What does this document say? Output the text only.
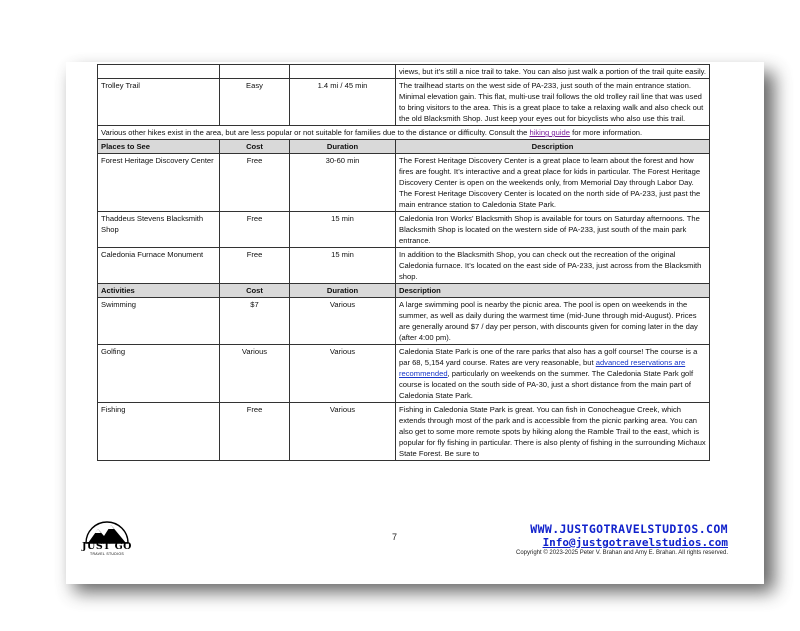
			views, but it’s still a nice trail to take. You can also just walk a portion of the trail quite easily.
Trolley Trail	Easy	1.4 mi / 45 min	The trailhead starts on the west side of PA-233, just south of the main entrance station. Minimal elevation gain. This flat, multi-use trail follows the old trolley rail line that was used to bring visitors to the area. This is a great place to take a relaxing walk and also check out the old Blacksmith Shop. Just keep your eyes out for bicyclists who also use this trail.
Various other hikes exist in the area, but are less popular or not suitable for families due to the distance or difficulty. Consult the hiking guide for more information.			
Places to See	Cost	Duration	Description
Forest Heritage Discovery Center	Free	30-60 min	The Forest Heritage Discovery Center is a great place to learn about the forest and how fires are fought. It’s interactive and a great place for kids in particular. The Forest Heritage Discovery Center is open on the weekends only, from Memorial Day through Labor Day. The Forest Heritage Discovery Center is located on the north side of PA-233, just past the main entrance station to Caledonia State Park.
Thaddeus Stevens Blacksmith Shop	Free	15 min	Caledonia Iron Works’ Blacksmith Shop is available for tours on Saturday afternoons. The Blacksmith Shop is located on the western side of PA-233, just south of the main park entrance.
Caledonia Furnace Monument	Free	15 min	In addition to the Blacksmith Shop, you can check out the recreation of the original Caledonia furnace. It’s located on the east side of PA-233, just across from the Blacksmith shop.
Activities	Cost	Duration	Description
Swimming	$7	Various	A large swimming pool is nearby the picnic area. The pool is open on weekends in the summer, as well as daily during the warmest time (mid-June through mid-August). Prices are generally around $7 / day per person, with discounts given for coming later in the day (after 4:00 pm).
Golfing	Various	Various	Caledonia State Park is one of the rare parks that also has a golf course! The course is a par 68, 5,154 yard course. Rates are very reasonable, but advanced reservations are recommended, particularly on weekends on the summer. The Caledonia State Park golf course is located on the south side of PA-30, just a short distance from the main part of Caledonia State Park.
Fishing	Free	Various	Fishing in Caledonia State Park is great. You can fish in Conocheague Creek, which extends through most of the park and is accessible from the picnic parking area. You can also get to some more remote spots by hiking along the Ramble Trail to the east, which is popular for fly fishing in particular. There is also plenty of fishing in the surrounding Michaux State Forest. Be sure to
JUST GO
TRAVEL STUDIOS
7
WWW.JUSTGOTRAVELSTUDIOS.COM
Info@justgotravelstudios.com
Copyright © 2023-2025 Peter V. Brahan and Amy E. Brahan. All rights reserved.
